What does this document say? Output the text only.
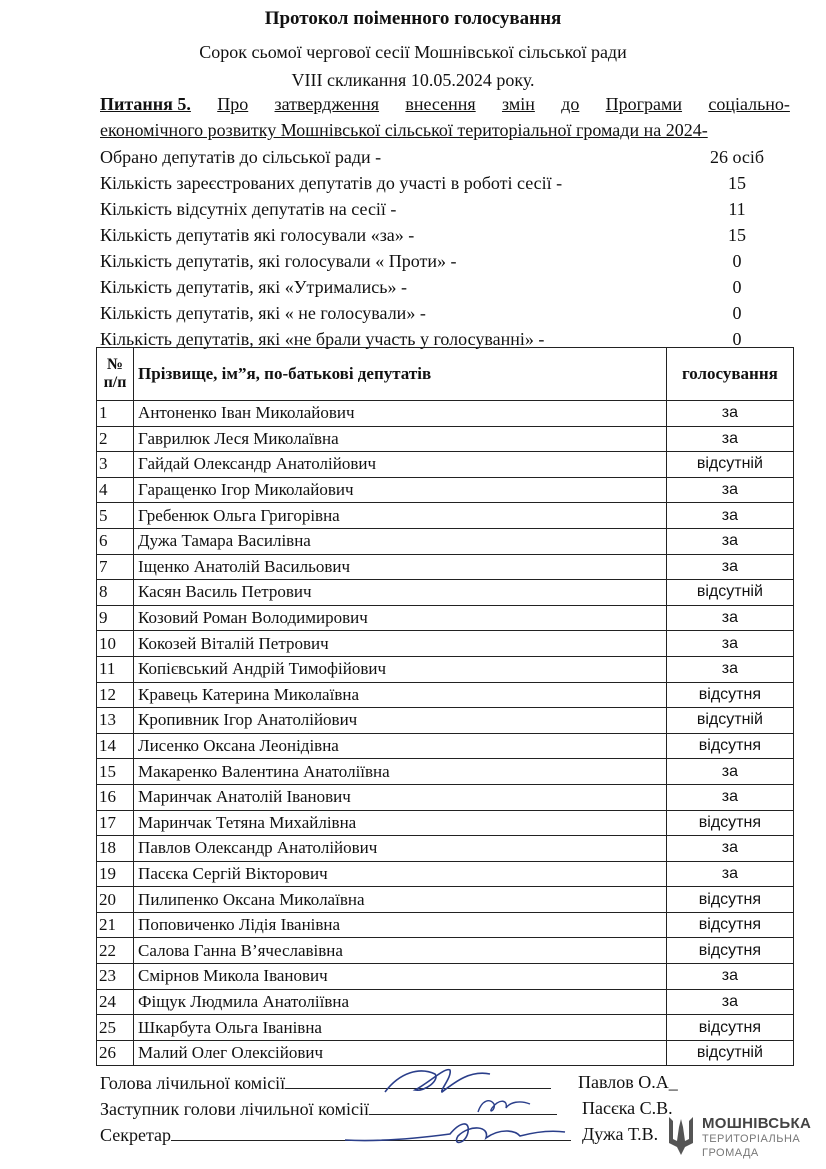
Протокол поіменного голосування
Сорок сьомої чергової сесії Мошнівської сільської ради
VIII скликання 10.05.2024 року.
Питання 5. Про затвердження внесення змін до Програми соціально-
економічного розвитку Мошнівської сільської територіальної громади на 2024-
Обрано депутатів до сільської ради -	26 осіб
Кількість зареєстрованих депутатів до участі в роботі сесії -	15
Кількість відсутніх депутатів на сесії -	11
Кількість депутатів які голосували «за» -	15
Кількість депутатів, які голосували « Проти» -	0
Кількість депутатів, які «Утримались» -	0
Кількість депутатів, які « не голосували» -	0
Кількість депутатів, які «не брали участь у голосуванні» -	0
№
п/п	Прізвище, ім”я, по-батькові депутатів	голосування
1	Антоненко Іван Миколайович	за
2	Гаврилюк Леся Миколаївна	за
3	Гайдай Олександр Анатолійович	відсутній
4	Гаращенко Ігор Миколайович	за
5	Гребенюк Ольга Григорівна	за
6	Дужа Тамара Василівна	за
7	Іщенко Анатолій Васильович	за
8	Касян Василь Петрович	відсутній
9	Козовий Роман Володимирович	за
10	Кокозей Віталій Петрович	за
11	Копієвський Андрій Тимофійович	за
12	Кравець Катерина Миколаївна	відсутня
13	Кропивник Ігор Анатолійович	відсутній
14	Лисенко Оксана Леонідівна	відсутня
15	Макаренко Валентина Анатоліївна	за
16	Маринчак Анатолій Іванович	за
17	Маринчак Тетяна Михайлівна	відсутня
18	Павлов Олександр Анатолійович	за
19	Пасєка Сергій Вікторович	за
20	Пилипенко Оксана Миколаївна	відсутня
21	Поповиченко Лідія Іванівна	відсутня
22	Салова Ганна В’ячеславівна	відсутня
23	Смірнов Микола Іванович	за
24	Фіщук Людмила Анатоліївна	за
25	Шкарбута Ольга Іванівна	відсутня
26	Малий Олег Олексійович	відсутній
Голова лічильної комісії	Павлов О.А_
Заступник голови лічильної комісії	Пасєка С.В.
Секретар	Дужа Т.В.
МОШНІВСЬКА
ТЕРИТОРІАЛЬНА
ГРОМАДА
